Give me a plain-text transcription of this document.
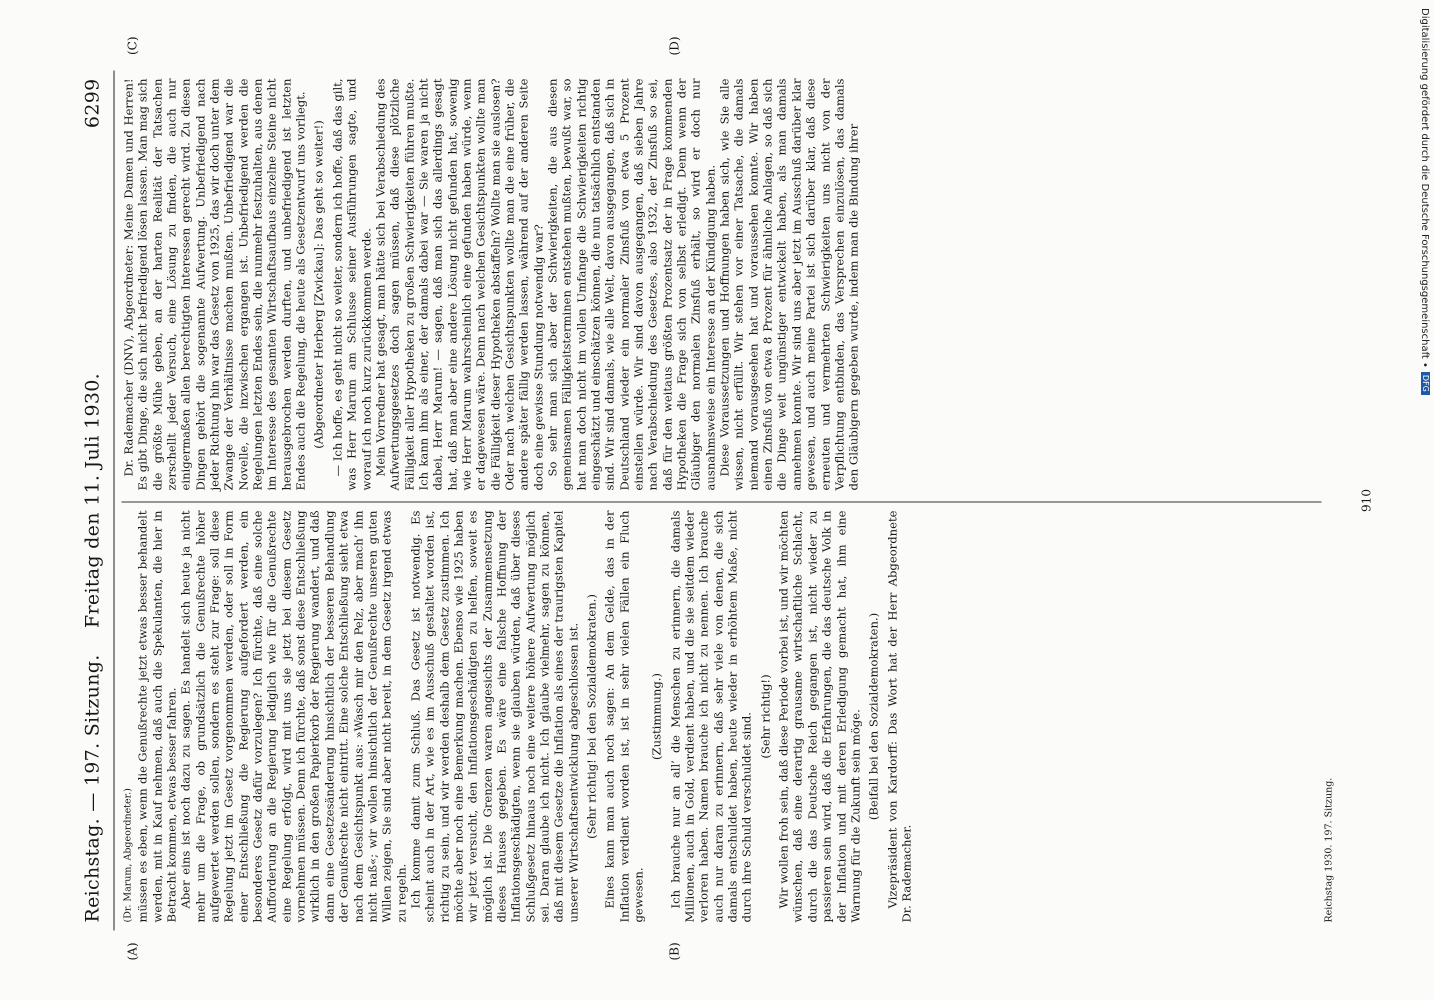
Reichstag. — 197. Sitzung.
Freitag den 11. Juli 1930.
6299
(A)	(B)
(C)	(D)

(Dr. Marum, Abgeordneter.) müssen es eben, wenn die Genußrechte jetzt etwas besser behandelt werden, mit in Kauf nehmen, daß auch die Spekulanten, die hier in Betracht kommen, etwas besser fahren. Aber eins ist noch dazu zu sagen. Es handelt sich heute ja nicht mehr um die Frage, ob grundsätzlich die Genußrechte höher aufgewertet werden sollen, sondern es steht zur Frage: soll diese Regelung jetzt im Gesetz vorgenommen werden, oder soll in Form einer Entschließung die Regierung aufgefordert werden, ein besonderes Gesetz dafür vorzulegen? Ich fürchte, daß eine solche Aufforderung an die Regierung lediglich wie für die Genußrechte eine Regelung erfolgt, wird mit uns sie jetzt bei diesem Gesetz vornehmen müssen. Denn ich fürchte, daß sonst diese Entschließung wirklich in den großen Papierkorb der Regierung wandert, und daß dann eine Gesetzesänderung hinsichtlich der besseren Behandlung der Genußrechte nicht eintritt. Eine solche Entschließung sieht etwa nach dem Gesichtspunkt aus: »Wasch mir den Pelz, aber mach’ ihn nicht naß«; wir wollen hinsichtlich der Genußrechte unseren guten Willen zeigen, Sie sind aber nicht bereit, in dem Gesetz irgend etwas zu regeln. Ich komme damit zum Schluß. Das Gesetz ist notwendig. Es scheint auch in der Art, wie es im Ausschuß gestaltet worden ist, richtig zu sein, und wir werden deshalb dem Gesetz zustimmen. Ich möchte aber noch eine Bemerkung machen. Ebenso wie 1925 haben wir jetzt versucht, den Inflationsgeschädigten zu helfen, soweit es möglich ist. Die Grenzen waren angesichts der Zusammensetzung dieses Hauses gegeben. Es wäre eine falsche Hoffnung der Inflationsgeschädigten, wenn sie glauben würden, daß über dieses Schlußgesetz hinaus noch eine weitere höhere Aufwertung möglich sei. Daran glaube ich nicht. Ich glaube vielmehr, sagen zu können, daß mit diesem Gesetze die Inflation als eines der traurigsten Kapitel unserer Wirtschaftsentwicklung abgeschlossen ist. (Sehr richtig! bei den Sozialdemokraten.) Eines kann man auch noch sagen: An dem Gelde, das in der Inflation verdient worden ist, ist in sehr vielen Fällen ein Fluch gewesen.

(Zustimmung.) Ich brauche nur an all’ die Menschen zu erinnern, die damals Millionen, auch in Gold, verdient haben, und die sie seitdem wieder verloren haben. Namen brauche ich nicht zu nennen. Ich brauche auch nur daran zu erinnern, daß sehr viele von denen, die sich damals entschuldet haben, heute wieder in erhöhtem Maße, nicht durch ihre Schuld verschuldet sind. (Sehr richtig!) Wir wollen froh sein, daß diese Periode vorbei ist, und wir möchten wünschen, daß eine derartig grausame wirtschaftliche Schlacht, durch die das Deutsche Reich gegangen ist, nicht wieder zu passieren sein wird, daß die Erfahrungen, die das deutsche Volk in der Inflation und mit deren Erledigung gemacht hat, ihm eine Warnung für die Zukunft sein möge. (Beifall bei den Sozialdemokraten.) Vizepräsident von Kardorff: Das Wort hat der Herr Abgeordnete Dr. Rademacher.

Dr. Rademacher (DNV), Abgeordneter: Meine Damen und Herren! Es gibt Dinge, die sich nicht befriedigend lösen lassen. Man mag sich die größte Mühe geben, an der harten Realität der Tatsachen zerschellt jeder Versuch, eine Lösung zu finden, die auch nur einigermaßen allen berechtigten Interessen gerecht wird. Zu diesen Dingen gehört die sogenannte Aufwertung. Unbefriedigend nach jeder Richtung hin war das Gesetz von 1925, das wir doch unter dem Zwange der Verhältnisse machen mußten. Unbefriedigend war die Novelle, die inzwischen ergangen ist. Unbefriedigend werden die Regelungen letzten Endes sein, die nunmehr festzuhalten, aus denen im Interesse des gesamten Wirtschaftsaufbaus einzelne Steine nicht herausgebrochen werden durften, und unbefriedigend ist letzten Endes auch die Regelung, die heute als Gesetzentwurf uns vorliegt. (Abgeordneter Herberg [Zwickau]: Das geht so weiter!) — Ich hoffe, es geht nicht so weiter, sondern ich hoffe, daß das gilt, was Herr Marum am Schlusse seiner Ausführungen sagte, und worauf ich noch kurz zurückkommen werde. Mein Vorredner hat gesagt, man hätte sich bei Verabschiedung des Aufwertungsgesetzes doch sagen müssen, daß diese plötzliche Fälligkeit aller Hypotheken zu großen Schwierigkeiten führen mußte. Ich kann ihm als einer, der damals dabei war — Sie waren ja nicht dabei, Herr Marum! — sagen, daß man sich das allerdings gesagt hat, daß man aber eine andere Lösung nicht gefunden hat, sowenig wie Herr Marum wahrscheinlich eine gefunden haben würde, wenn er dagewesen wäre. Denn nach welchen Gesichtspunkten wollte man die Fälligkeit dieser Hypotheken abstaffeln? Wollte man sie auslosen? Oder nach welchen Gesichtspunkten wollte man die eine früher, die andere später fällig werden lassen, während auf der anderen Seite doch eine gewisse Stundung notwendig war? So sehr man sich aber der Schwierigkeiten, die aus diesen gemeinsamen Fälligkeitsterminen entstehen mußten, bewußt war, so hat man doch nicht im vollen Umfange die Schwierigkeiten richtig eingeschätzt und einschätzen können, die nun tatsächlich entstanden sind. Wir sind damals, wie alle Welt, davon ausgegangen, daß sich in Deutschland wieder ein normaler Zinsfuß von etwa 5 Prozent einstellen würde. Wir sind davon ausgegangen, daß sieben Jahre nach Verabschiedung des Gesetzes, also 1932, der Zinsfuß so sei, daß für den weitaus größten Prozentsatz der in Frage kommenden Hypotheken die Frage sich von selbst erledigt. Denn wenn der Gläubiger den normalen Zinsfuß erhält, so wird er doch nur ausnahmsweise ein Interesse an der Kündigung haben. Diese Voraussetzungen und Hoffnungen haben sich, wie Sie alle wissen, nicht erfüllt. Wir stehen vor einer Tatsache, die damals niemand vorausgesehen hat und voraussehen konnte. Wir haben einen Zinsfuß von etwa 8 Prozent für ähnliche Anlagen, so daß sich die Dinge weit ungünstiger entwickelt haben, als man damals annehmen konnte. Wir sind uns aber jetzt im Ausschuß darüber klar gewesen, und auch meine Partei ist sich darüber klar, daß diese erneuten und vermehrten Schwierigkeiten uns nicht von der Verpflichtung entbinden, das Versprechen einzulösen, das damals den Gläubigern gegeben wurde, indem man die Bindung ihrer

Reichstag 1930. 197. Sitzung.
910
Digitalisierung gefördert durch die Deutsche Forschungsgemeinschaft •DFG
